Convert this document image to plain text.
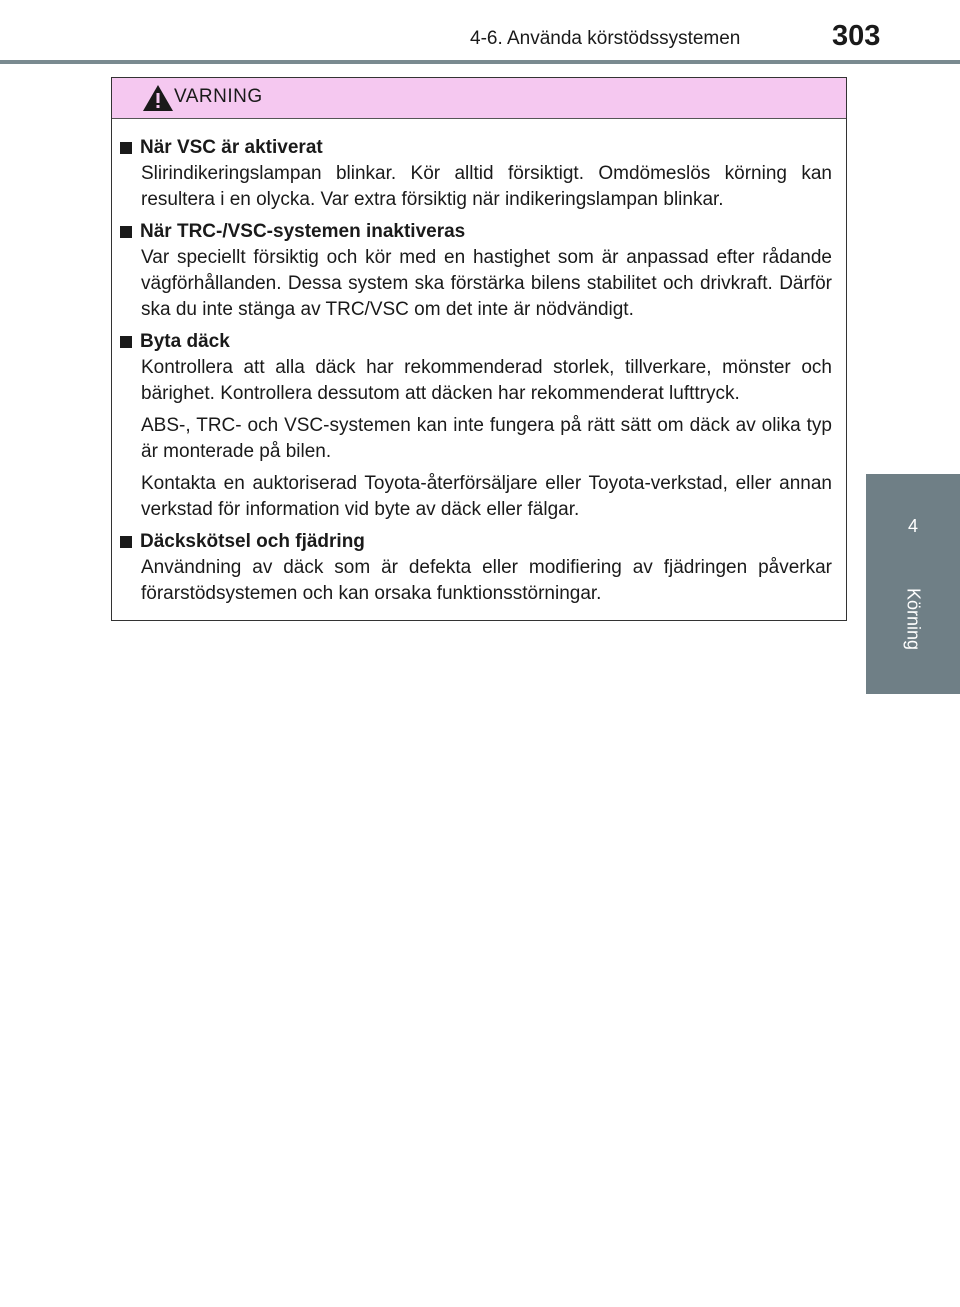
4-6. Använda körstödssystemen	303
4
Körning
VARNING
När VSC är aktiverat
Slirindikeringslampan blinkar. Kör alltid försiktigt. Omdömeslös körning kan resultera i en olycka. Var extra försiktig när indikeringslampan blinkar.
När TRC-/VSC-systemen inaktiveras
Var speciellt försiktig och kör med en hastighet som är anpassad efter rådande vägförhållanden. Dessa system ska förstärka bilens stabilitet och drivkraft. Därför ska du inte stänga av TRC/VSC om det inte är nödvändigt.
Byta däck
Kontrollera att alla däck har rekommenderad storlek, tillverkare, mönster och bärighet. Kontrollera dessutom att däcken har rekommenderat lufttryck.
ABS-, TRC- och VSC-systemen kan inte fungera på rätt sätt om däck av olika typ är monterade på bilen.
Kontakta en auktoriserad Toyota-återförsäljare eller Toyota-verkstad, eller annan verkstad för information vid byte av däck eller fälgar.
Däckskötsel och fjädring
Användning av däck som är defekta eller modifiering av fjädringen påverkar förarstödsystemen och kan orsaka funktionsstörningar.
